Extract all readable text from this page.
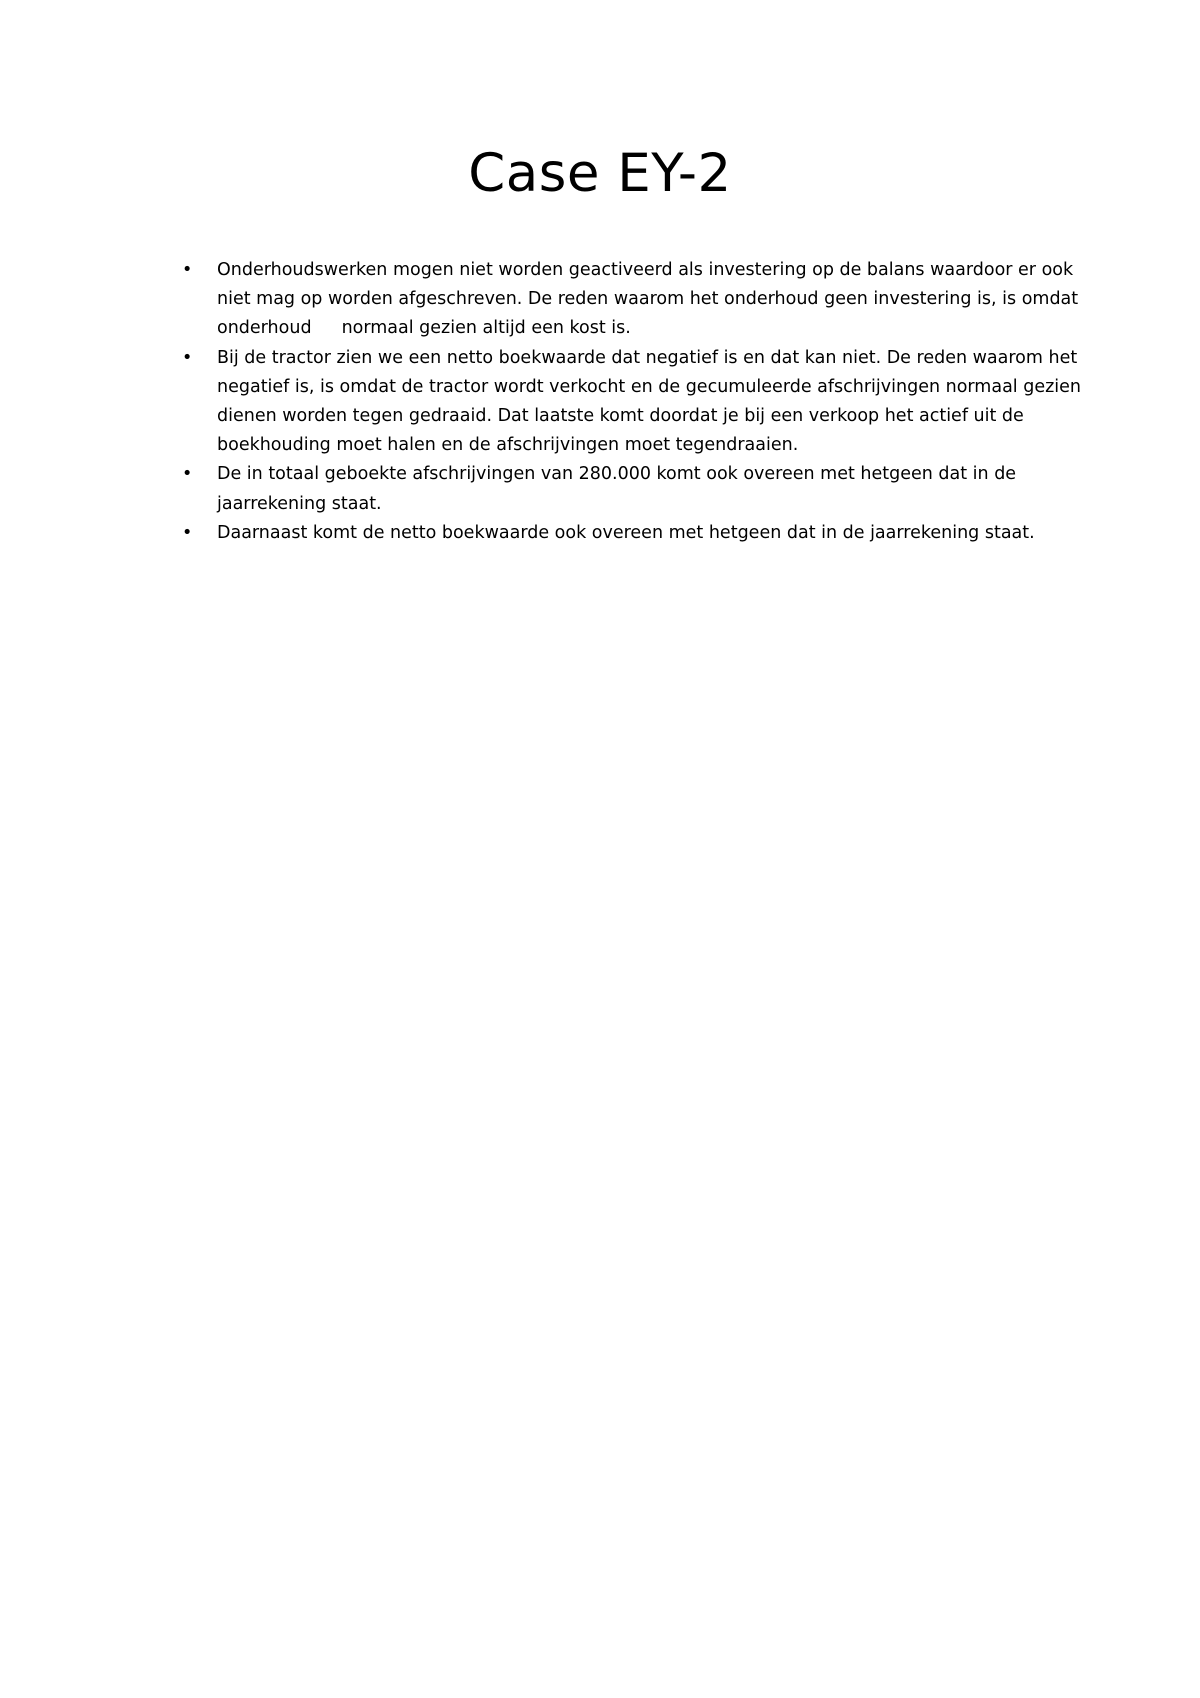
Case EY-2
• Onderhoudswerken mogen niet worden geactiveerd als investering op de balans waardoor er ook niet mag op worden afgeschreven. De reden waarom het onderhoud geen investering is, is omdat onderhoud normaal gezien altijd een kost is.
• Bij de tractor zien we een netto boekwaarde dat negatief is en dat kan niet. De reden waarom het negatief is, is omdat de tractor wordt verkocht en de gecumuleerde afschrijvingen normaal gezien dienen worden tegen gedraaid. Dat laatste komt doordat je bij een verkoop het actief uit de boekhouding moet halen en de afschrijvingen moet tegendraaien.
• De in totaal geboekte afschrijvingen van 280.000 komt ook overeen met hetgeen dat in de jaarrekening staat.
• Daarnaast komt de netto boekwaarde ook overeen met hetgeen dat in de jaarrekening staat.
